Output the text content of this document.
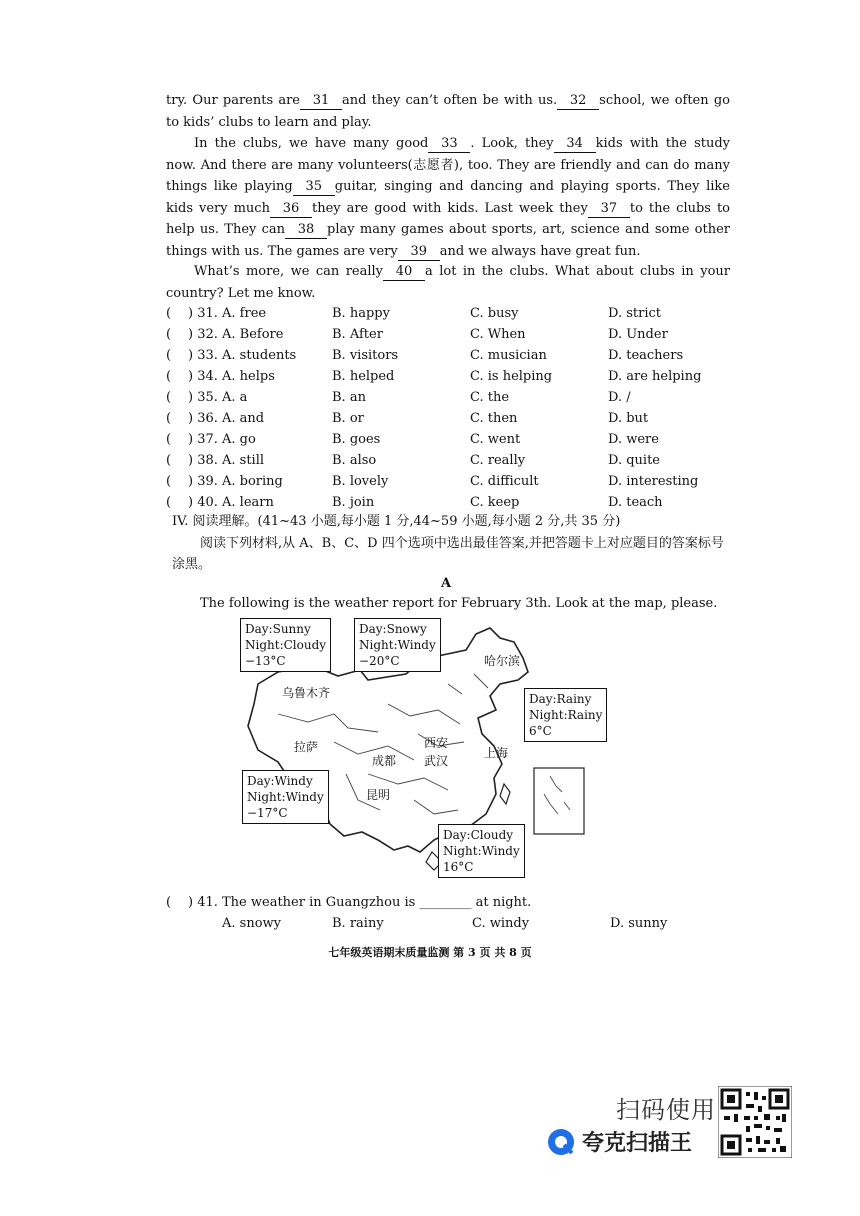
try. Our parents are 31 and they can’t often be with us. 32 school, we often go to kids’ clubs to learn and play.
In the clubs, we have many good 33 . Look, they 34 kids with the study now. And there are many volunteers(志愿者), too. They are friendly and can do many things like playing 35 guitar, singing and dancing and playing sports. They like kids very much 36 they are good with kids. Last week they 37 to the clubs to help us. They can 38 play many games about sports, art, science and some other things with us. The games are very 39 and we always have great fun.
What’s more, we can really 40 a lot in the clubs. What about clubs in your country? Let me know.
( ) 31. A. free	B. happy	C. busy	D. strict
( ) 32. A. Before	B. After	C. When	D. Under
( ) 33. A. students	B. visitors	C. musician	D. teachers
( ) 34. A. helps	B. helped	C. is helping	D. are helping
( ) 35. A. a	B. an	C. the	D. /
( ) 36. A. and	B. or	C. then	D. but
( ) 37. A. go	B. goes	C. went	D. were
( ) 38. A. still	B. also	C. really	D. quite
( ) 39. A. boring	B. lovely	C. difficult	D. interesting
( ) 40. A. learn	B. join	C. keep	D. teach
IV. 阅读理解。(41~43 小题,每小题 1 分,44~59 小题,每小题 2 分,共 35 分)
阅读下列材料,从 A、B、C、D 四个选项中选出最佳答案,并把答题卡上对应题目的答案标号涂黑。
A
The following is the weather report for February 3th. Look at the map, please.
Day:Sunny
Night:Cloudy
−13°C
Day:Snowy
Night:Windy
−20°C
Day:Rainy
Night:Rainy
6°C
Day:Windy
Night:Windy
−17°C
Day:Cloudy
Night:Windy
16°C
乌鲁木齐
哈尔滨
拉萨	西安
成都 武汉
上海
昆明
( ) 41. The weather in Guangzhou is ________ at night.
A. snowy	B. rainy	C. windy	D. sunny
七年级英语期末质量监测 第 3 页 共 8 页
扫码使用
夸克扫描王
